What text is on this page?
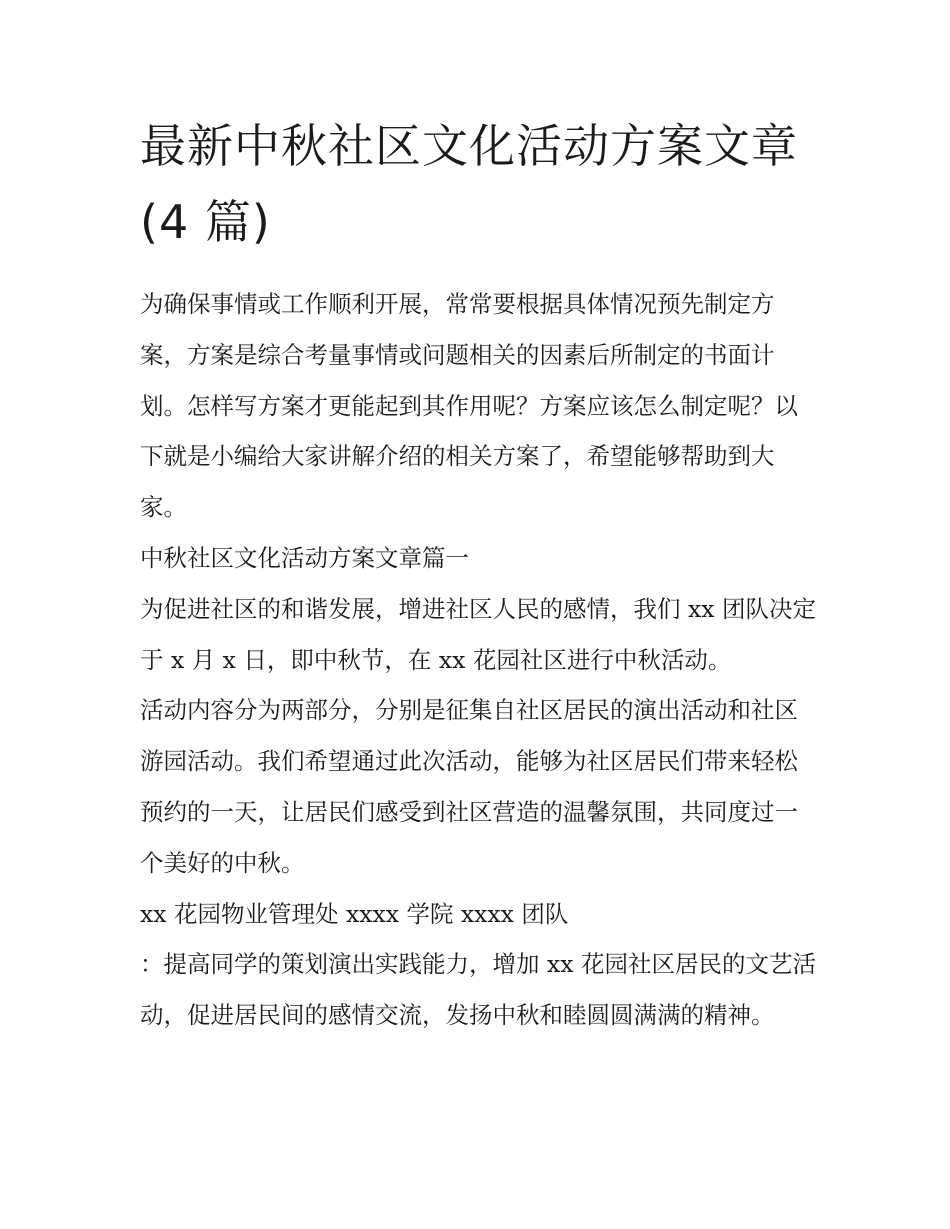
最新中秋社区文化活动方案文章(4 篇)

为确保事情或工作顺利开展，常常要根据具体情况预先制定方案，方案是综合考量事情或问题相关的因素后所制定的书面计划。怎样写方案才更能起到其作用呢？方案应该怎么制定呢？以下就是小编给大家讲解介绍的相关方案了，希望能够帮助到大家。

中秋社区文化活动方案文章篇一

为促进社区的和谐发展，增进社区人民的感情，我们 xx 团队决定于 x 月 x 日，即中秋节，在 xx 花园社区进行中秋活动。

活动内容分为两部分，分别是征集自社区居民的演出活动和社区游园活动。我们希望通过此次活动，能够为社区居民们带来轻松预约的一天，让居民们感受到社区营造的温馨氛围，共同度过一个美好的中秋。

xx 花园物业管理处 xxxx 学院 xxxx 团队

：提高同学的策划演出实践能力，增加 xx 花园社区居民的文艺活动，促进居民间的感情交流，发扬中秋和睦圆圆满满的精神。
